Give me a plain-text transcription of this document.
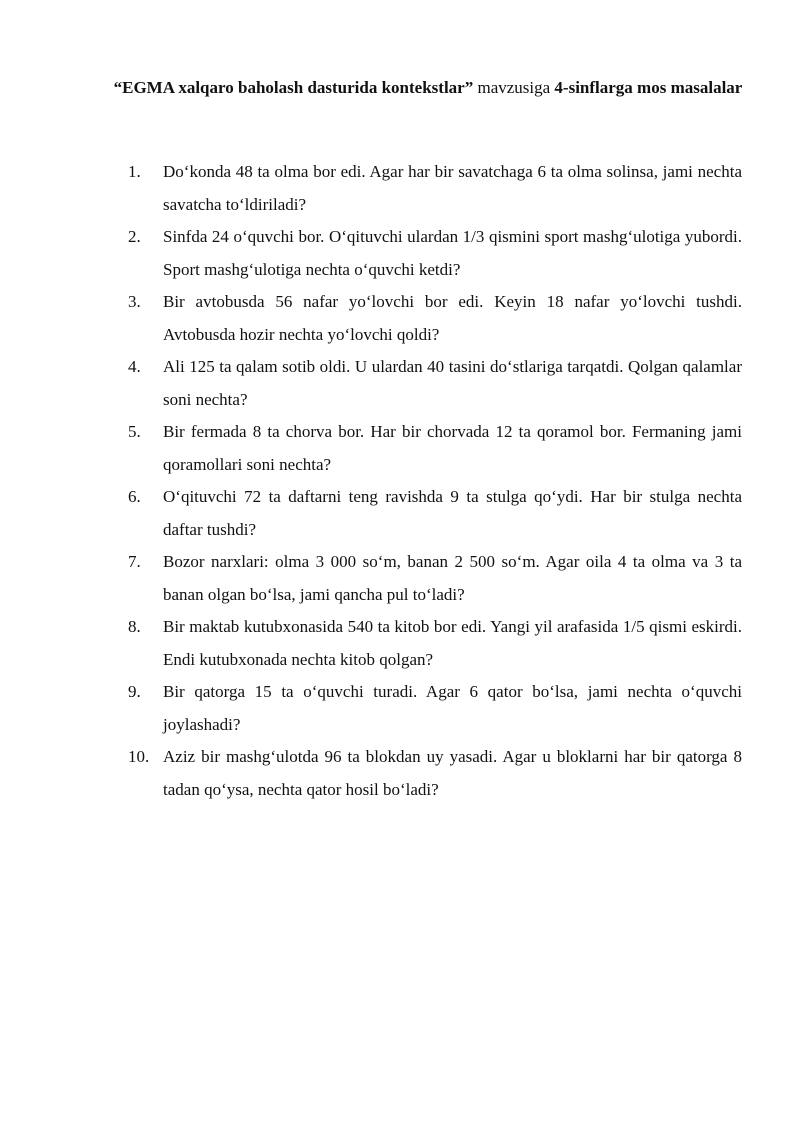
“EGMA xalqaro baholash dasturida kontekstlar” mavzusiga 4-sinflarga mos masalalar
1. Do‘konda 48 ta olma bor edi. Agar har bir savatchaga 6 ta olma solinsa, jami nechta savatcha to‘ldiriladi?
2. Sinfda 24 o‘quvchi bor. O‘qituvchi ulardan 1/3 qismini sport mashg‘ulotiga yubordi. Sport mashg‘ulotiga nechta o‘quvchi ketdi?
3. Bir avtobusda 56 nafar yo‘lovchi bor edi. Keyin 18 nafar yo‘lovchi tushdi. Avtobusda hozir nechta yo‘lovchi qoldi?
4. Ali 125 ta qalam sotib oldi. U ulardan 40 tasini do‘stlariga tarqatdi. Qolgan qalamlar soni nechta?
5. Bir fermada 8 ta chorva bor. Har bir chorvada 12 ta qoramol bor. Fermaning jami qoramollari soni nechta?
6. O‘qituvchi 72 ta daftarni teng ravishda 9 ta stulga qo‘ydi. Har bir stulga nechta daftar tushdi?
7. Bozor narxlari: olma 3 000 so‘m, banan 2 500 so‘m. Agar oila 4 ta olma va 3 ta banan olgan bo‘lsa, jami qancha pul to‘ladi?
8. Bir maktab kutubxonasida 540 ta kitob bor edi. Yangi yil arafasida 1/5 qismi eskirdi. Endi kutubxonada nechta kitob qolgan?
9. Bir qatorga 15 ta o‘quvchi turadi. Agar 6 qator bo‘lsa, jami nechta o‘quvchi joylashadi?
10. Aziz bir mashg‘ulotda 96 ta blokdan uy yasadi. Agar u bloklarni har bir qatorga 8 tadan qo‘ysa, nechta qator hosil bo‘ladi?
